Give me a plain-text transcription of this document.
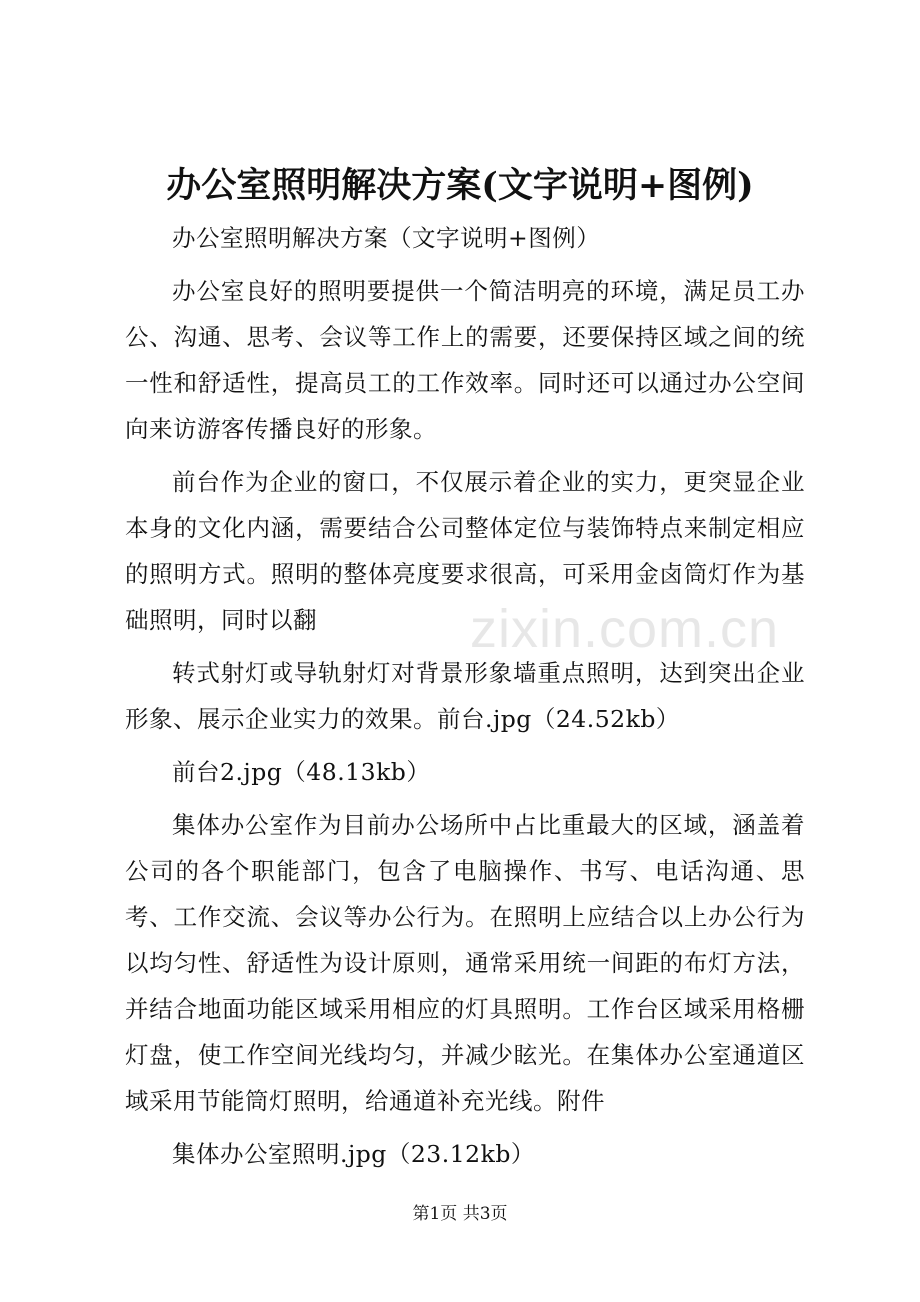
办公室照明解决方案(文字说明+图例)

办公室照明解决方案（文字说明+图例）

办公室良好的照明要提供一个简洁明亮的环境，满足员工办公、沟通、思考、会议等工作上的需要，还要保持区域之间的统一性和舒适性，提高员工的工作效率。同时还可以通过办公空间向来访游客传播良好的形象。

前台作为企业的窗口，不仅展示着企业的实力，更突显企业本身的文化内涵，需要结合公司整体定位与装饰特点来制定相应的照明方式。照明的整体亮度要求很高，可采用金卤筒灯作为基础照明，同时以翻

转式射灯或导轨射灯对背景形象墙重点照明，达到突出企业形象、展示企业实力的效果。前台.jpg（24.52kb）

前台2.jpg（48.13kb）

集体办公室作为目前办公场所中占比重最大的区域，涵盖着公司的各个职能部门，包含了电脑操作、书写、电话沟通、思考、工作交流、会议等办公行为。在照明上应结合以上办公行为以均匀性、舒适性为设计原则，通常采用统一间距的布灯方法，并结合地面功能区域采用相应的灯具照明。工作台区域采用格栅灯盘，使工作空间光线均匀，并减少眩光。在集体办公室通道区域采用节能筒灯照明，给通道补充光线。附件

集体办公室照明.jpg（23.12kb）

zixin.com.cn
第1页 共3页
